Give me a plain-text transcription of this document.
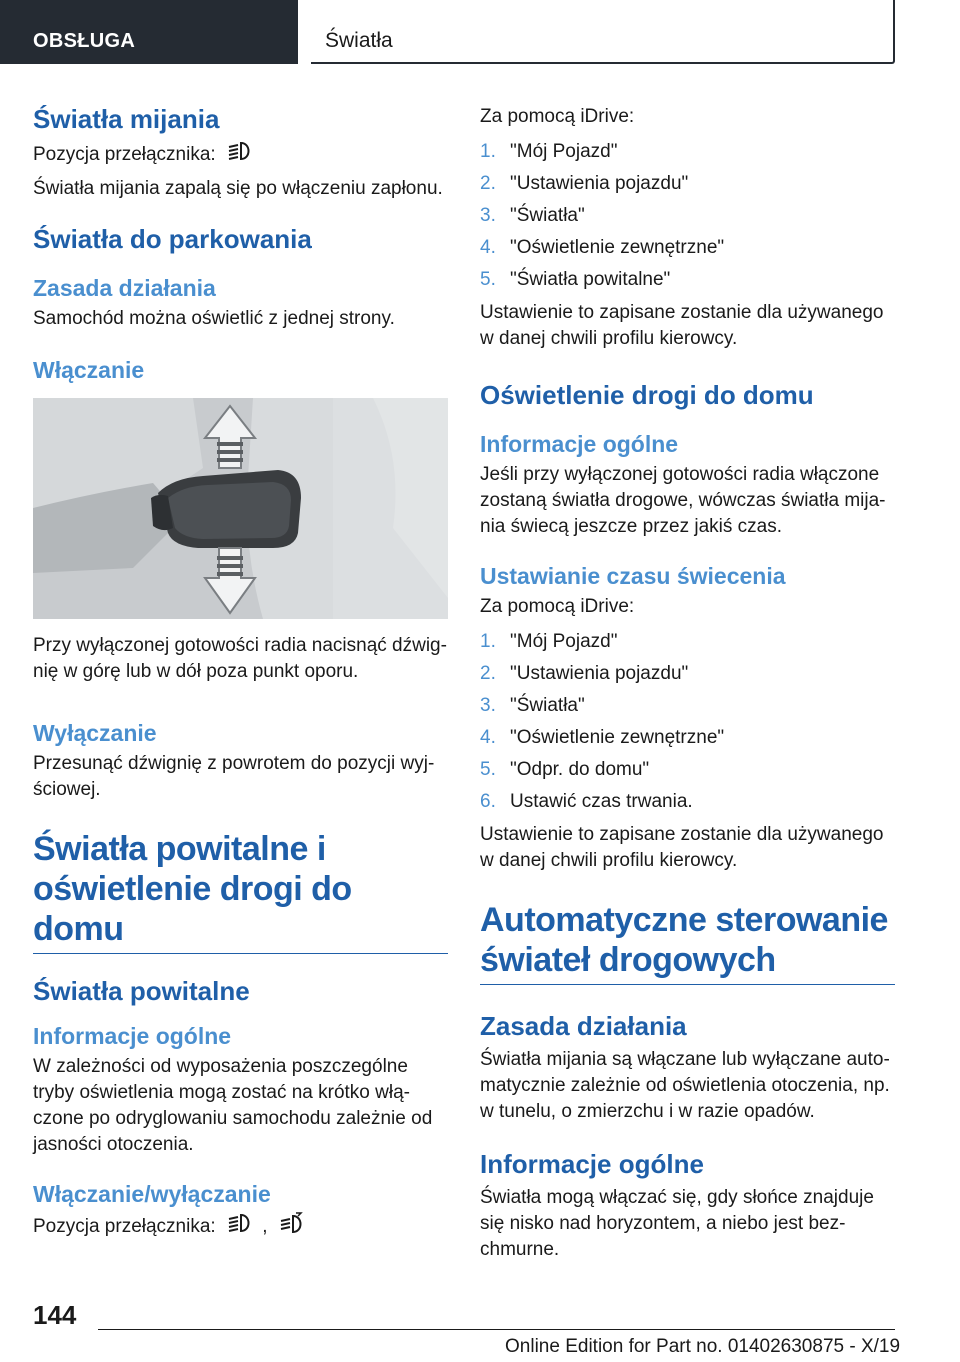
OBSŁUGA	Światła
Światła mijania

Pozycja przełącznika:

Światła mijania zapalą się po włączeniu zapłonu.

Światła do parkowania
Zasada działania

Samochód można oświetlić z jednej strony.

Włączanie

Przy wyłączonej gotowości radia nacisnąć dźwignię w górę lub w dół poza punkt oporu.

Wyłączanie

Przesunąć dźwignię z powrotem do pozycji wyjściowej.

Światła powitalne i
oświetlenie drogi do domu
Światła powitalne
Informacje ogólne

W zależności od wyposażenia poszczególne tryby oświetlenia mogą zostać na krótko włączone po odryglowaniu samochodu zależnie od jasności otoczenia.

Włączanie/wyłączanie

Pozycja przełącznika: ,

Za pomocą iDrive:

1. "Mój Pojazd"
2. "Ustawienia pojazdu"
3. "Światła"
4. "Oświetlenie zewnętrzne"
5. "Światła powitalne"

Ustawienie to zapisane zostanie dla używanego w danej chwili profilu kierowcy.

Oświetlenie drogi do domu
Informacje ogólne

Jeśli przy wyłączonej gotowości radia włączone zostaną światła drogowe, wówczas światła mijania świecą jeszcze przez jakiś czas.

Ustawianie czasu świecenia

Za pomocą iDrive:

1. "Mój Pojazd"
2. "Ustawienia pojazdu"
3. "Światła"
4. "Oświetlenie zewnętrzne"
5. "Odpr. do domu"
6. Ustawić czas trwania.

Ustawienie to zapisane zostanie dla używanego w danej chwili profilu kierowcy.

Automatyczne sterowanie
świateł drogowych
Zasada działania

Światła mijania są włączane lub wyłączane automatycznie zależnie od oświetlenia otoczenia, np. w tunelu, o zmierzchu i w razie opadów.

Informacje ogólne

Światła mogą włączać się, gdy słońce znajduje się nisko nad horyzontem, a niebo jest bezchmurne.

144
Online Edition for Part no. 01402630875 - X/19
